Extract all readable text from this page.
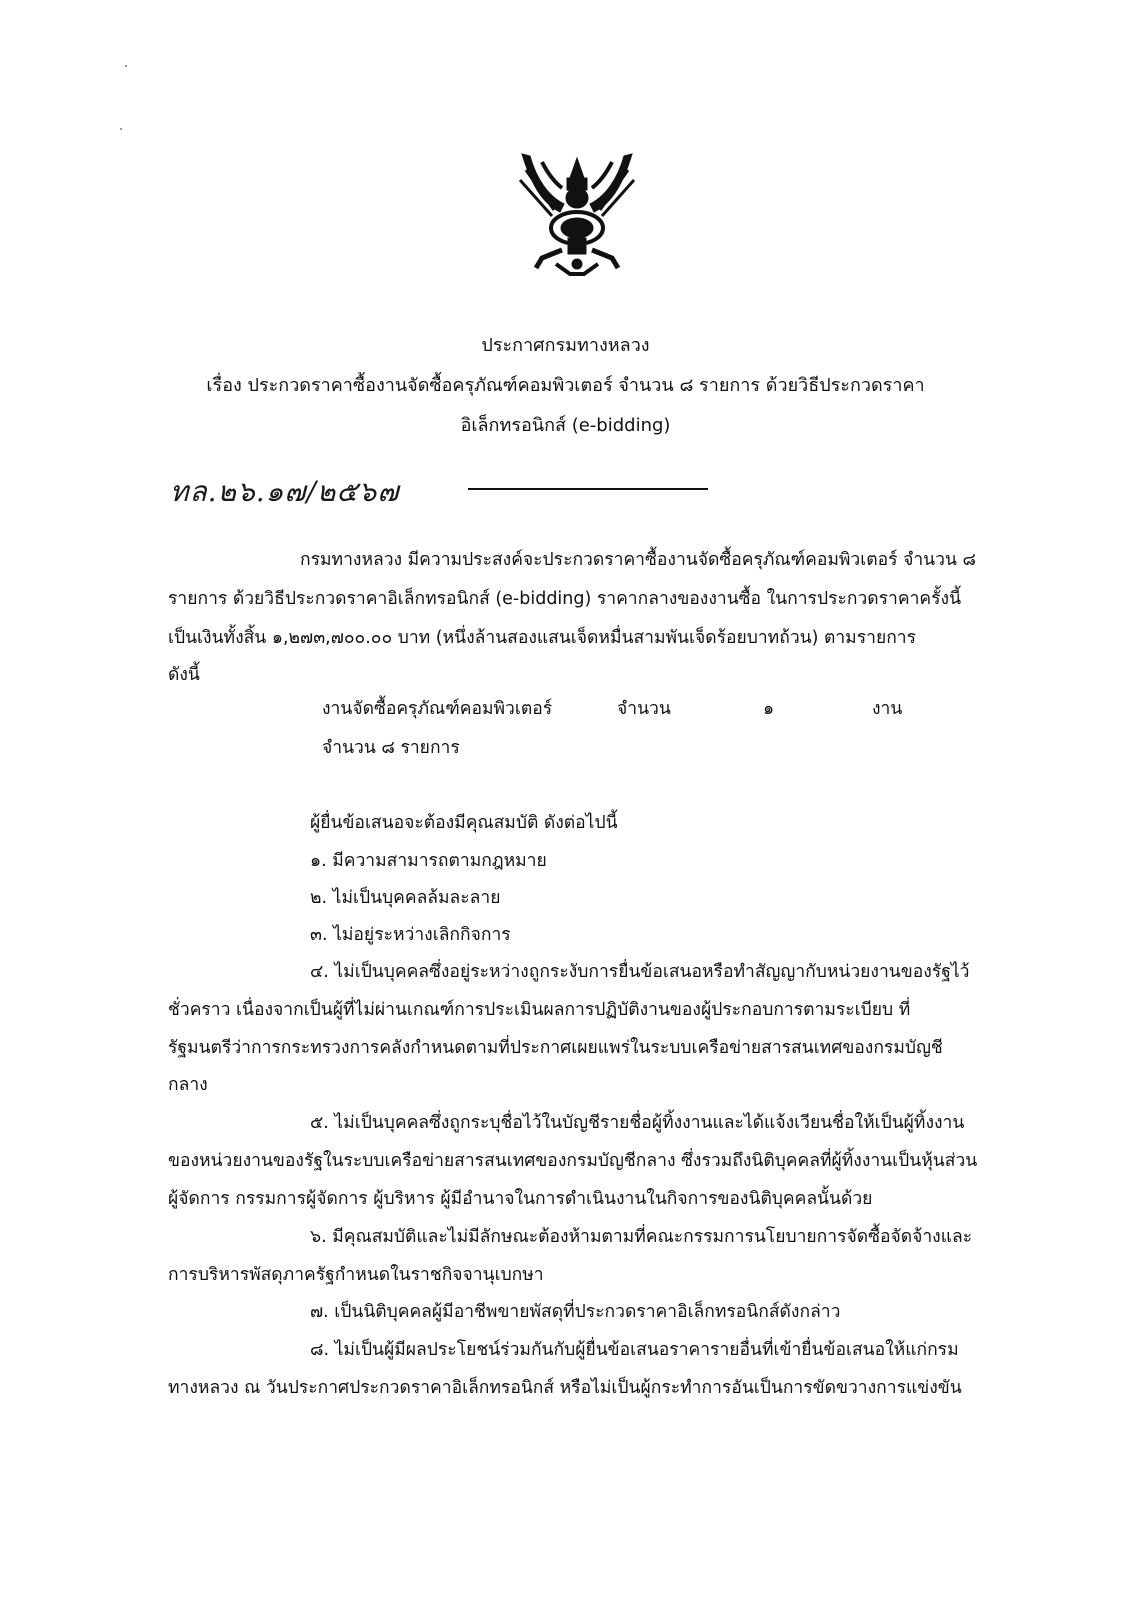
ประกาศกรมทางหลวง
เรื่อง ประกวดราคาซื้องานจัดซื้อครุภัณฑ์คอมพิวเตอร์ จำนวน ๘ รายการ ด้วยวิธีประกวดราคา
อิเล็กทรอนิกส์ (e-bidding)
ทล.๒๖.๑๗/๒๕๖๗
กรมทางหลวง มีความประสงค์จะประกวดราคาซื้องานจัดซื้อครุภัณฑ์คอมพิวเตอร์ จำนวน ๘
รายการ ด้วยวิธีประกวดราคาอิเล็กทรอนิกส์ (e-bidding) ราคากลางของงานซื้อ ในการประกวดราคาครั้งนี้
เป็นเงินทั้งสิ้น ๑,๒๗๓,๗๐๐.๐๐ บาท (หนึ่งล้านสองแสนเจ็ดหมื่นสามพันเจ็ดร้อยบาทถ้วน) ตามรายการ
ดังนี้
งานจัดซื้อครุภัณฑ์คอมพิวเตอร์	จำนวน	๑	งาน
จำนวน ๘ รายการ
ผู้ยื่นข้อเสนอจะต้องมีคุณสมบัติ ดังต่อไปนี้
๑. มีความสามารถตามกฎหมาย
๒. ไม่เป็นบุคคลล้มละลาย
๓. ไม่อยู่ระหว่างเลิกกิจการ
๔. ไม่เป็นบุคคลซึ่งอยู่ระหว่างถูกระงับการยื่นข้อเสนอหรือทำสัญญากับหน่วยงานของรัฐไว้
ชั่วคราว เนื่องจากเป็นผู้ที่ไม่ผ่านเกณฑ์การประเมินผลการปฏิบัติงานของผู้ประกอบการตามระเบียบ ที่
รัฐมนตรีว่าการกระทรวงการคลังกำหนดตามที่ประกาศเผยแพร่ในระบบเครือข่ายสารสนเทศของกรมบัญชี
กลาง
๕. ไม่เป็นบุคคลซึ่งถูกระบุชื่อไว้ในบัญชีรายชื่อผู้ทิ้งงานและได้แจ้งเวียนชื่อให้เป็นผู้ทิ้งงาน
ของหน่วยงานของรัฐในระบบเครือข่ายสารสนเทศของกรมบัญชีกลาง ซึ่งรวมถึงนิติบุคคลที่ผู้ทิ้งงานเป็นหุ้นส่วน
ผู้จัดการ กรรมการผู้จัดการ ผู้บริหาร ผู้มีอำนาจในการดำเนินงานในกิจการของนิติบุคคลนั้นด้วย
๖. มีคุณสมบัติและไม่มีลักษณะต้องห้ามตามที่คณะกรรมการนโยบายการจัดซื้อจัดจ้างและ
การบริหารพัสดุภาครัฐกำหนดในราชกิจจานุเบกษา
๗. เป็นนิติบุคคลผู้มีอาชีพขายพัสดุที่ประกวดราคาอิเล็กทรอนิกส์ดังกล่าว
๘. ไม่เป็นผู้มีผลประโยชน์ร่วมกันกับผู้ยื่นข้อเสนอราคารายอื่นที่เข้ายื่นข้อเสนอให้แก่กรม
ทางหลวง ณ วันประกาศประกวดราคาอิเล็กทรอนิกส์ หรือไม่เป็นผู้กระทำการอันเป็นการขัดขวางการแข่งขัน
